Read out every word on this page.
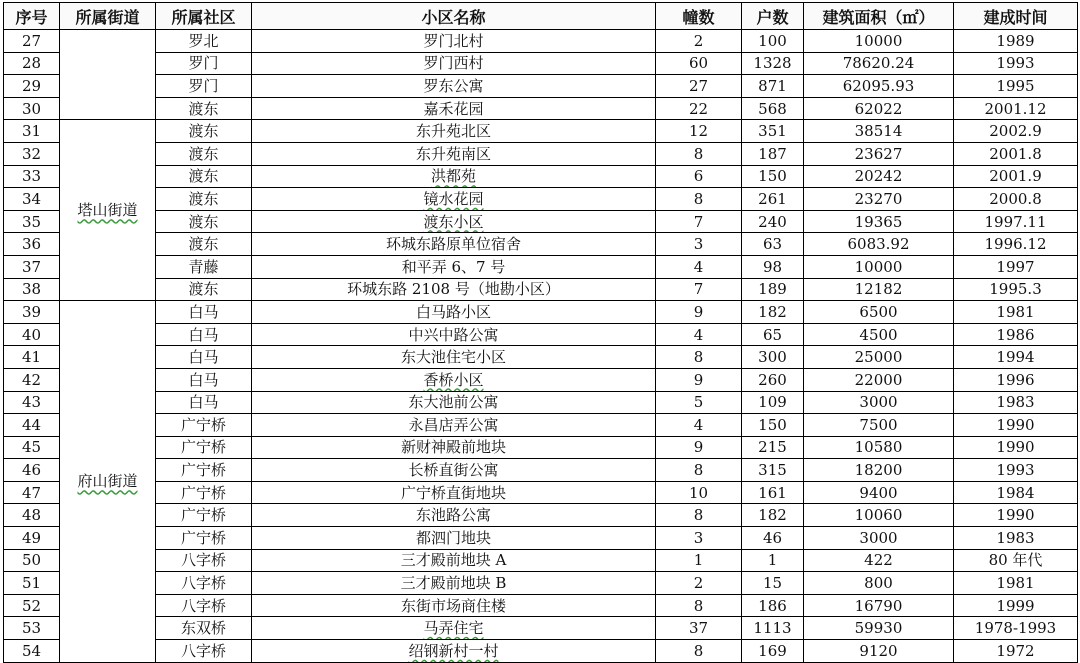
序号	所属街道	所属社区	小区名称	幢数	户数	建筑面积（㎡）	建成时间
27		罗北	罗门北村	2	100	10000	1989
28		罗门	罗门西村	60	1328	78620.24	1993
29		罗门	罗东公寓	27	871	62095.93	1995
30		渡东	嘉禾花园	22	568	62022	2001.12
31	塔山街道	渡东	东升苑北区	12	351	38514	2002.9
32		渡东	东升苑南区	8	187	23627	2001.8
33		渡东	洪都苑	6	150	20242	2001.9
34		渡东	镜水花园	8	261	23270	2000.8
35		渡东	渡东小区	7	240	19365	1997.11
36		渡东	环城东路原单位宿舍	3	63	6083.92	1996.12
37		青藤	和平弄 6、7 号	4	98	10000	1997
38		渡东	环城东路 2108 号（地勘小区）	7	189	12182	1995.3
39	府山街道	白马	白马路小区	9	182	6500	1981
40		白马	中兴中路公寓	4	65	4500	1986
41		白马	东大池住宅小区	8	300	25000	1994
42		白马	香桥小区	9	260	22000	1996
43		白马	东大池前公寓	5	109	3000	1983
44		广宁桥	永昌店弄公寓	4	150	7500	1990
45		广宁桥	新财神殿前地块	9	215	10580	1990
46		广宁桥	长桥直街公寓	8	315	18200	1993
47		广宁桥	广宁桥直街地块	10	161	9400	1984
48		广宁桥	东池路公寓	8	182	10060	1990
49		广宁桥	都泗门地块	3	46	3000	1983
50		八字桥	三才殿前地块 A	1	1	422	80 年代
51		八字桥	三才殿前地块 B	2	15	800	1981
52		八字桥	东街市场商住楼	8	186	16790	1999
53		东双桥	马弄住宅	37	1113	59930	1978-1993
54		八字桥	绍钢新村一村	8	169	9120	1972
